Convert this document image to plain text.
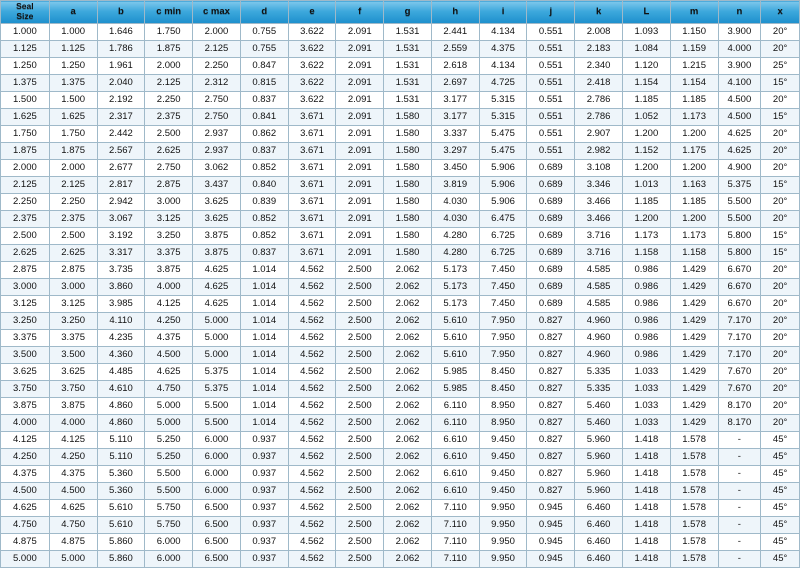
Seal
Size	a	b	c min	c max	d	e	f	g	h	i	j	k	L	m	n	x
1.000	1.000	1.646	1.750	2.000	0.755	3.622	2.091	1.531	2.441	4.134	0.551	2.008	1.093	1.150	3.900	20°
1.125	1.125	1.786	1.875	2.125	0.755	3.622	2.091	1.531	2.559	4.375	0.551	2.183	1.084	1.159	4.000	20°
1.250	1.250	1.961	2.000	2.250	0.847	3.622	2.091	1.531	2.618	4.134	0.551	2.340	1.120	1.215	3.900	25°
1.375	1.375	2.040	2.125	2.312	0.815	3.622	2.091	1.531	2.697	4.725	0.551	2.418	1.154	1.154	4.100	15°
1.500	1.500	2.192	2.250	2.750	0.837	3.622	2.091	1.531	3.177	5.315	0.551	2.786	1.185	1.185	4.500	20°
1.625	1.625	2.317	2.375	2.750	0.841	3.671	2.091	1.580	3.177	5.315	0.551	2.786	1.052	1.173	4.500	15°
1.750	1.750	2.442	2.500	2.937	0.862	3.671	2.091	1.580	3.337	5.475	0.551	2.907	1.200	1.200	4.625	20°
1.875	1.875	2.567	2.625	2.937	0.837	3.671	2.091	1.580	3.297	5.475	0.551	2.982	1.152	1.175	4.625	20°
2.000	2.000	2.677	2.750	3.062	0.852	3.671	2.091	1.580	3.450	5.906	0.689	3.108	1.200	1.200	4.900	20°
2.125	2.125	2.817	2.875	3.437	0.840	3.671	2.091	1.580	3.819	5.906	0.689	3.346	1.013	1.163	5.375	15°
2.250	2.250	2.942	3.000	3.625	0.839	3.671	2.091	1.580	4.030	5.906	0.689	3.466	1.185	1.185	5.500	20°
2.375	2.375	3.067	3.125	3.625	0.852	3.671	2.091	1.580	4.030	6.475	0.689	3.466	1.200	1.200	5.500	20°
2.500	2.500	3.192	3.250	3.875	0.852	3.671	2.091	1.580	4.280	6.725	0.689	3.716	1.173	1.173	5.800	15°
2.625	2.625	3.317	3.375	3.875	0.837	3.671	2.091	1.580	4.280	6.725	0.689	3.716	1.158	1.158	5.800	15°
2.875	2.875	3.735	3.875	4.625	1.014	4.562	2.500	2.062	5.173	7.450	0.689	4.585	0.986	1.429	6.670	20°
3.000	3.000	3.860	4.000	4.625	1.014	4.562	2.500	2.062	5.173	7.450	0.689	4.585	0.986	1.429	6.670	20°
3.125	3.125	3.985	4.125	4.625	1.014	4.562	2.500	2.062	5.173	7.450	0.689	4.585	0.986	1.429	6.670	20°
3.250	3.250	4.110	4.250	5.000	1.014	4.562	2.500	2.062	5.610	7.950	0.827	4.960	0.986	1.429	7.170	20°
3.375	3.375	4.235	4.375	5.000	1.014	4.562	2.500	2.062	5.610	7.950	0.827	4.960	0.986	1.429	7.170	20°
3.500	3.500	4.360	4.500	5.000	1.014	4.562	2.500	2.062	5.610	7.950	0.827	4.960	0.986	1.429	7.170	20°
3.625	3.625	4.485	4.625	5.375	1.014	4.562	2.500	2.062	5.985	8.450	0.827	5.335	1.033	1.429	7.670	20°
3.750	3.750	4.610	4.750	5.375	1.014	4.562	2.500	2.062	5.985	8.450	0.827	5.335	1.033	1.429	7.670	20°
3.875	3.875	4.860	5.000	5.500	1.014	4.562	2.500	2.062	6.110	8.950	0.827	5.460	1.033	1.429	8.170	20°
4.000	4.000	4.860	5.000	5.500	1.014	4.562	2.500	2.062	6.110	8.950	0.827	5.460	1.033	1.429	8.170	20°
4.125	4.125	5.110	5.250	6.000	0.937	4.562	2.500	2.062	6.610	9.450	0.827	5.960	1.418	1.578	-	45°
4.250	4.250	5.110	5.250	6.000	0.937	4.562	2.500	2.062	6.610	9.450	0.827	5.960	1.418	1.578	-	45°
4.375	4.375	5.360	5.500	6.000	0.937	4.562	2.500	2.062	6.610	9.450	0.827	5.960	1.418	1.578	-	45°
4.500	4.500	5.360	5.500	6.000	0.937	4.562	2.500	2.062	6.610	9.450	0.827	5.960	1.418	1.578	-	45°
4.625	4.625	5.610	5.750	6.500	0.937	4.562	2.500	2.062	7.110	9.950	0.945	6.460	1.418	1.578	-	45°
4.750	4.750	5.610	5.750	6.500	0.937	4.562	2.500	2.062	7.110	9.950	0.945	6.460	1.418	1.578	-	45°
4.875	4.875	5.860	6.000	6.500	0.937	4.562	2.500	2.062	7.110	9.950	0.945	6.460	1.418	1.578	-	45°
5.000	5.000	5.860	6.000	6.500	0.937	4.562	2.500	2.062	7.110	9.950	0.945	6.460	1.418	1.578	-	45°
